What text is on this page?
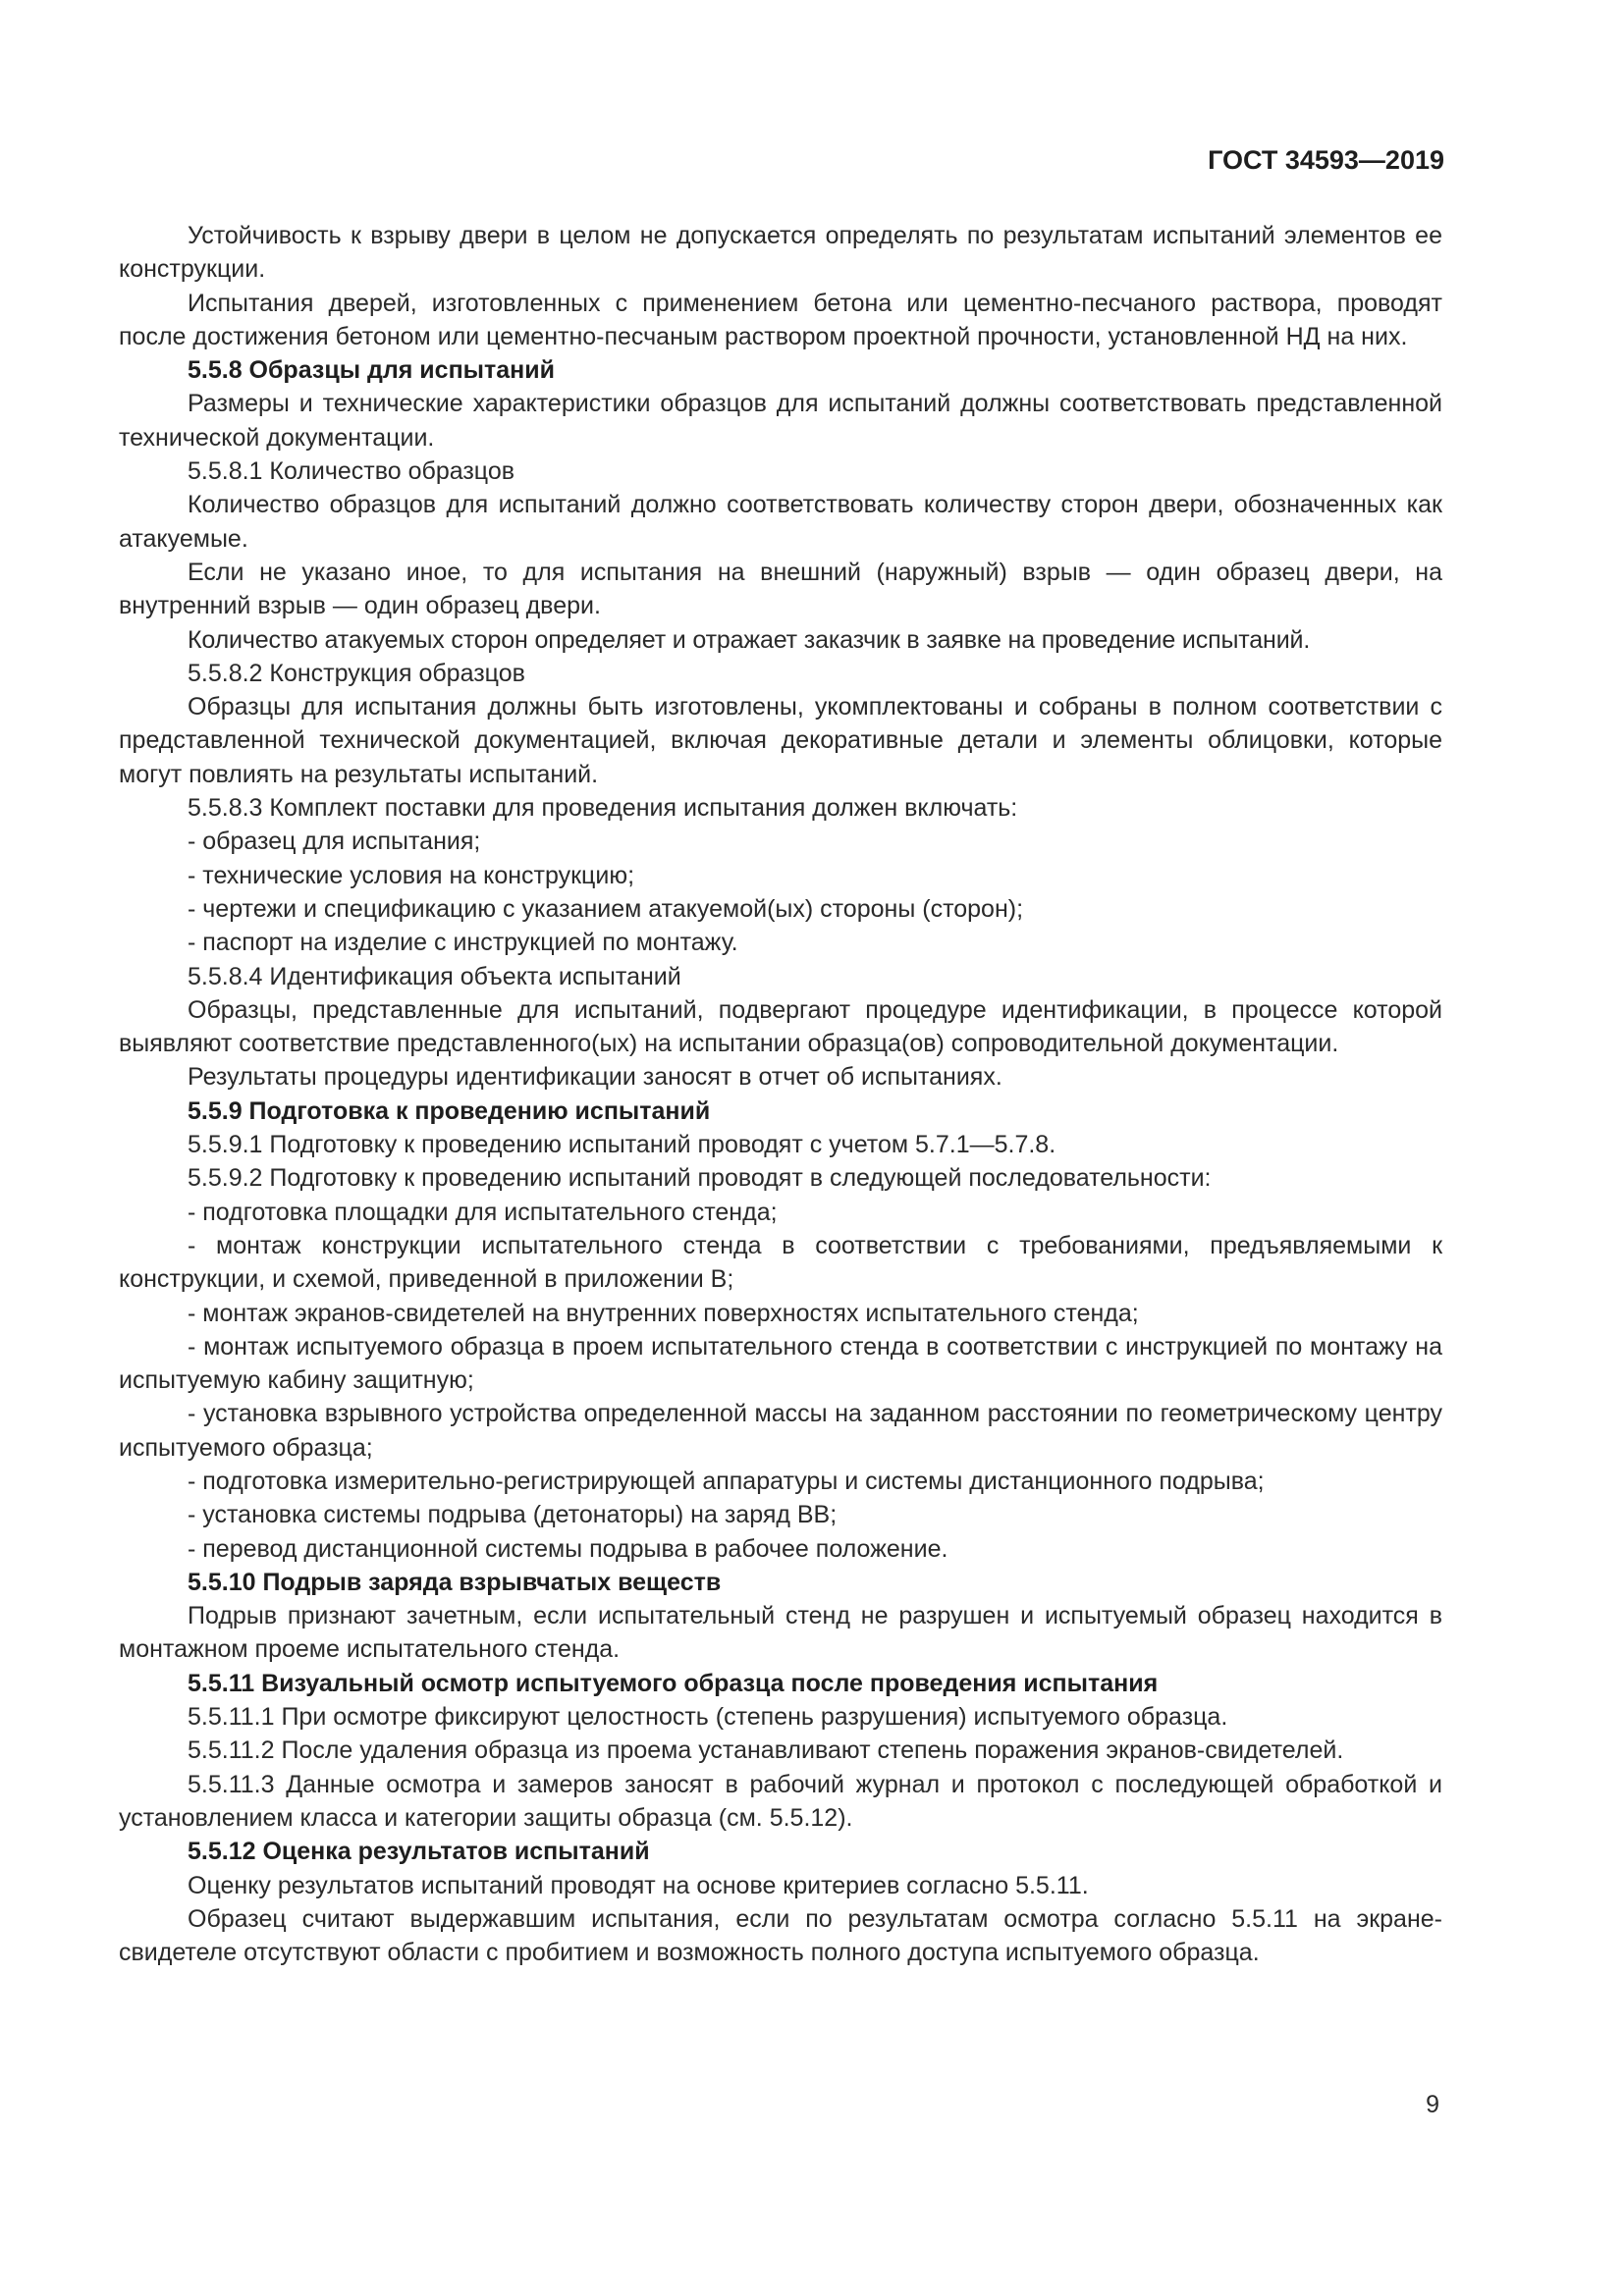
ГОСТ 34593—2019

Устойчивость к взрыву двери в целом не допускается определять по результатам испытаний элементов ее конструкции.

Испытания дверей, изготовленных с применением бетона или цементно-песчаного раствора, проводят после достижения бетоном или цементно-песчаным раствором проектной прочности, установленной НД на них.

5.5.8 Образцы для испытаний

Размеры и технические характеристики образцов для испытаний должны соответствовать представленной технической документации.

5.5.8.1 Количество образцов

Количество образцов для испытаний должно соответствовать количеству сторон двери, обозначенных как атакуемые.

Если не указано иное, то для испытания на внешний (наружный) взрыв — один образец двери, на внутренний взрыв — один образец двери.

Количество атакуемых сторон определяет и отражает заказчик в заявке на проведение испытаний.

5.5.8.2 Конструкция образцов

Образцы для испытания должны быть изготовлены, укомплектованы и собраны в полном соответствии с представленной технической документацией, включая декоративные детали и элементы облицовки, которые могут повлиять на результаты испытаний.

5.5.8.3 Комплект поставки для проведения испытания должен включать:

- образец для испытания;

- технические условия на конструкцию;

- чертежи и спецификацию с указанием атакуемой(ых) стороны (сторон);

- паспорт на изделие с инструкцией по монтажу.

5.5.8.4 Идентификация объекта испытаний

Образцы, представленные для испытаний, подвергают процедуре идентификации, в процессе которой выявляют соответствие представленного(ых) на испытании образца(ов) сопроводительной документации.

Результаты процедуры идентификации заносят в отчет об испытаниях.

5.5.9 Подготовка к проведению испытаний

5.5.9.1 Подготовку к проведению испытаний проводят с учетом 5.7.1—5.7.8.

5.5.9.2 Подготовку к проведению испытаний проводят в следующей последовательности:

- подготовка площадки для испытательного стенда;

- монтаж конструкции испытательного стенда в соответствии с требованиями, предъявляемыми к конструкции, и схемой, приведенной в приложении В;

- монтаж экранов-свидетелей на внутренних поверхностях испытательного стенда;

- монтаж испытуемого образца в проем испытательного стенда в соответствии с инструкцией по монтажу на испытуемую кабину защитную;

- установка взрывного устройства определенной массы на заданном расстоянии по геометрическому центру испытуемого образца;

- подготовка измерительно-регистрирующей аппаратуры и системы дистанционного подрыва;

- установка системы подрыва (детонаторы) на заряд ВВ;

- перевод дистанционной системы подрыва в рабочее положение.

5.5.10 Подрыв заряда взрывчатых веществ

Подрыв признают зачетным, если испытательный стенд не разрушен и испытуемый образец находится в монтажном проеме испытательного стенда.

5.5.11 Визуальный осмотр испытуемого образца после проведения испытания

5.5.11.1 При осмотре фиксируют целостность (степень разрушения) испытуемого образца.

5.5.11.2 После удаления образца из проема устанавливают степень поражения экранов-свидетелей.

5.5.11.3 Данные осмотра и замеров заносят в рабочий журнал и протокол с последующей обработкой и установлением класса и категории защиты образца (см. 5.5.12).

5.5.12 Оценка результатов испытаний

Оценку результатов испытаний проводят на основе критериев согласно 5.5.11.

Образец считают выдержавшим испытания, если по результатам осмотра согласно 5.5.11 на экране-свидетеле отсутствуют области с пробитием и возможность полного доступа испытуемого образца.

9
